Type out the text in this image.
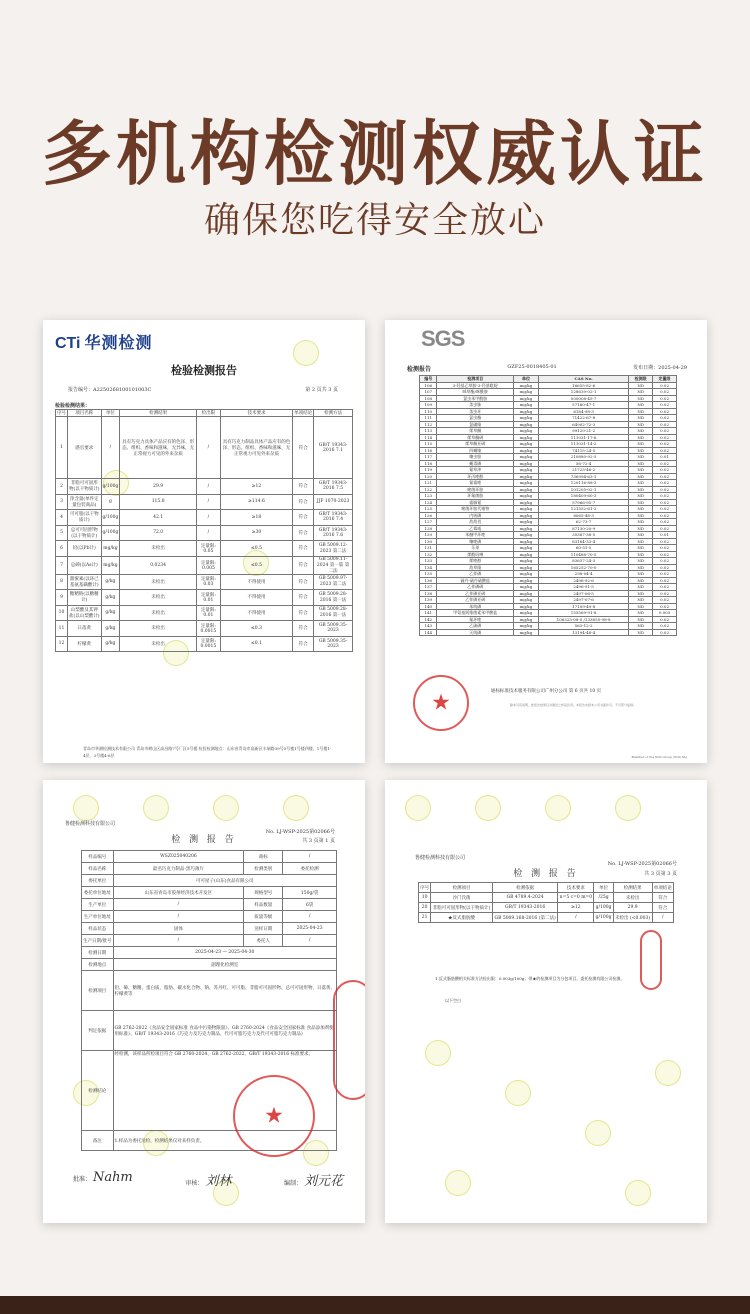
多机构检测权威认证
确保您吃得安全放心
CTi 华测检测
检验检测报告
报告编号：A2250268100101003C	第 2 页共 3 页
检验检测结果：
序号	项目名称	单位	检测结果	检出限	技术要求	单项结论	检测方法
1	感官要求	/	具有巧克力具体产品应有的色泽、形态、组织、香味和滋味，无异味，无正常视力可见的外来杂质	/	具有巧克力制品具体产品应有的色泽、形态、组织、香味和滋味，无正常视力可见外来杂质	符合	GB/T 19343-2016 7.1
2	非脂可可固形物(以干物质计)	g/100g	29.9	/	≥12	符合	GB/T 19343-2016 7.5
3	净含量(单件定量包装商品)	g	115.8	/	≥114.6	符合	JJF 1070-2023
4	可可脂(以干物质计)	g/100g	42.1	/	≥18	符合	GB/T 19343-2016 7.4
5	总可可固形物(以干物质计)	g/100g	72.0	/	≥30	符合	GB/T 19343-2016 7.6
6	铅(以Pb计)	mg/kg	未检出	定量限: 0.05	≤0.5	符合	GB 5009.12-2023 第二法
7	总砷(以As计)	mg/kg	0.0234	定量限: 0.005	≤0.5	符合	GB 5009.11-2024 第一篇 第二法
8	甜蜜素(以环己基氨基磺酸计)	g/kg	未检出	定量限: 0.03	不得使用	符合	GB 5009.97-2023 第二法
9	糖精钠(以糖精计)	g/kg	未检出	定量限: 0.01	不得使用	符合	GB 5009.28-2016 第一法
10	山梨酸及其钾盐(以山梨酸计)	g/kg	未检出	定量限: 0.01	不得使用	符合	GB 5009.28-2016 第一法
11	日落黄	g/kg	未检出	定量限: 0.0015	≤0.3	符合	GB 5009.35-2023
12	柠檬黄	g/kg	未检出	定量限: 0.0015	≤0.1	符合	GB 5009.35-2023
青岛市华测检测技术有限公司 青岛市崂山区高昌路7号厂区5号楼 检验检测地点：山东省青岛市高新区丰瑞路39号5号楼1号楼四楼，1号楼1-4层，3号楼4-6层
SGS
检测报告	GZF25-0018405-01	发布日期：2025-04-29
编号	检测项目	单位	CAS No.	检测限	定量限
106	3-羟基乙草胺-3-羟基吡啶	mg/kg	16655-82-6	ND	0.02
107	咪草酯/咪酰胺	mg/kg	128639-02-1	ND	0.02
108	氯虫苯甲酰胺	mg/kg	500008-45-7	ND	0.02
109	杀虫脒	mg/kg	57160-47-1	ND	0.02
110	杀虫环	mg/kg	6184-98-3	ND	0.02
111	氯虫酯	mg/kg	71422-67-8	ND	0.02
112	氯磺隆	mg/kg	64902-72-3	ND	0.02
113	烯草酮	mg/kg	99129-21-2	ND	0.02
114	烯草酮砜	mg/kg	111031-17-6	ND	0.02
115	烯草酮亚砜	mg/kg	111031-14-2	ND	0.02
116	四螨嗪	mg/kg	74115-24-5	ND	0.02
117	噻虫胺	mg/kg	210880-92-5	ND	0.01
118	蝇毒磷	mg/kg	56-72-4	ND	0.02
119	氰草津	mg/kg	21725-46-2	ND	0.02
120	环丙唑醇	mg/kg	736994-63-1	ND	0.02
121	氰霜唑	mg/kg	120116-88-3	ND	0.02
122	嘧菌环胺	mg/kg	101205-02-1	ND	0.02
123	环氟菌胺	mg/kg	180409-60-3	ND	0.02
124	霜脲氰	mg/kg	57966-95-7	ND	0.02
125	嘧菌环胺代谢物	mg/kg	121552-61-2	ND	0.02
126	内吸磷	mg/kg	8065-48-3	ND	0.02
127	敌敌畏	mg/kg	62-73-7	ND	0.02
128	乙霉威	mg/kg	87130-20-9	ND	0.02
129	苯醚甲环唑	mg/kg	35367-38-5	ND	0.01
130	噻唑磷	mg/kg	83164-33-4	ND	0.02
131	乐果	mg/kg	60-51-5	ND	0.02
132	烯酰吗啉	mg/kg	110488-70-5	ND	0.02
133	烯唑醇	mg/kg	83657-24-3	ND	0.02
134	敌草隆	mg/kg	165252-70-0	ND	0.02
135	乙拌磷	mg/kg	298-04-4	ND	0.02
136	硫丹-硫丹硫酸盐	mg/kg	2496-92-6	ND	0.02
137	乙拌磷砜	mg/kg	2496-91-5	ND	0.02
138	乙拌磷亚砜	mg/kg	2497-06-5	ND	0.02
139	乙拌磷亚砜	mg/kg	2497-07-6	ND	0.02
140	苯线磷	mg/kg	17109-49-8	ND	0.02
141	甲氨基阿维菌素苯甲酸盐	mg/kg	155569-91-8	ND	0.005
142	氟环唑	mg/kg	106325-08-0 /133855-98-8	ND	0.02
143	乙硫磷	mg/kg	563-12-2	ND	0.02
144	灭线磷	mg/kg	13194-48-4	ND	0.02
通标标准技术服务有限公司广州分公司 第 6 页共 10 页
★	除非另有说明，此报告结果仅对测试之样品负责。本报告未经本公司书面许可，不可部分复制。
Member of the SGS Group (SGS SA)
鲁健检测科技有限公司
No. LJ-WSP-2025第02066号
检 测 报 告	共 3 页第 1 页
样品编号	WSZ025040206	商标	/
样品名称	最名巧克力制品-黑巧薄片	检测类别	委托检测
委托单位	可可屋子(山东)食品有限公司		
委托单位地址	山东省青岛市胶州经济技术开发区	规格型号	150g/袋
生产单位	/	样品数量	6袋
生产单位地址	/	质量等级	/
样品状态	固体	送样日期	2025-04-23
生产日期/批号	/	委托人	/
检测日期	2025-04-23 — 2025-04-30		
检测地点	副理化检测室		
检测项目	铅、砷、糖精、蛋白质、脂肪、碳水化合物、钠、苏丹红、可可脂、非脂可可固形物、总可可固形物、日落黄、柠檬黄等		
判定依据	GB 2762-2022《食品安全国家标准 食品中污染物限量》、GB 2760-2024《食品安全国家标准 食品添加剂使用标准》、GB/T 19343-2016《巧克力及巧克力制品、代可可脂巧克力及代可可脂巧克力制品》		
检测结论	经检测，该样品所检项目符合 GB 2760-2024、GB 2762-2022、GB/T 19343-2016 标准要求。		
备注	1.样品为委托送检，检测结果仅对来样负责。		
★
批准： Nahm	审核： 刘林	编制： 刘元花
鲁健检测科技有限公司
No. LJ-WSP-2025第02066号
检 测 报 告	共 3 页第 3 页
序号	检测项目	检测依据	技术要求	单位	检测结果	单项结论
10	沙门氏菌	GB 4789.4-2024	n=5 c=0 m=0	/25g	未检出	符合
20	非脂可可固形物(以干物质计)	GB/T 19343-2016	≥12	g/100g	29.9	符合
21	★反式脂肪酸	GB 5009.168-2016 (第二法)	/	g/100g	未检出 (<0.003)	/
1.反式脂肪酸相关标准方法检出限：0.003g/100g；带★的检测项目为分包项目，委托检测有限公司检测。
以下空白
